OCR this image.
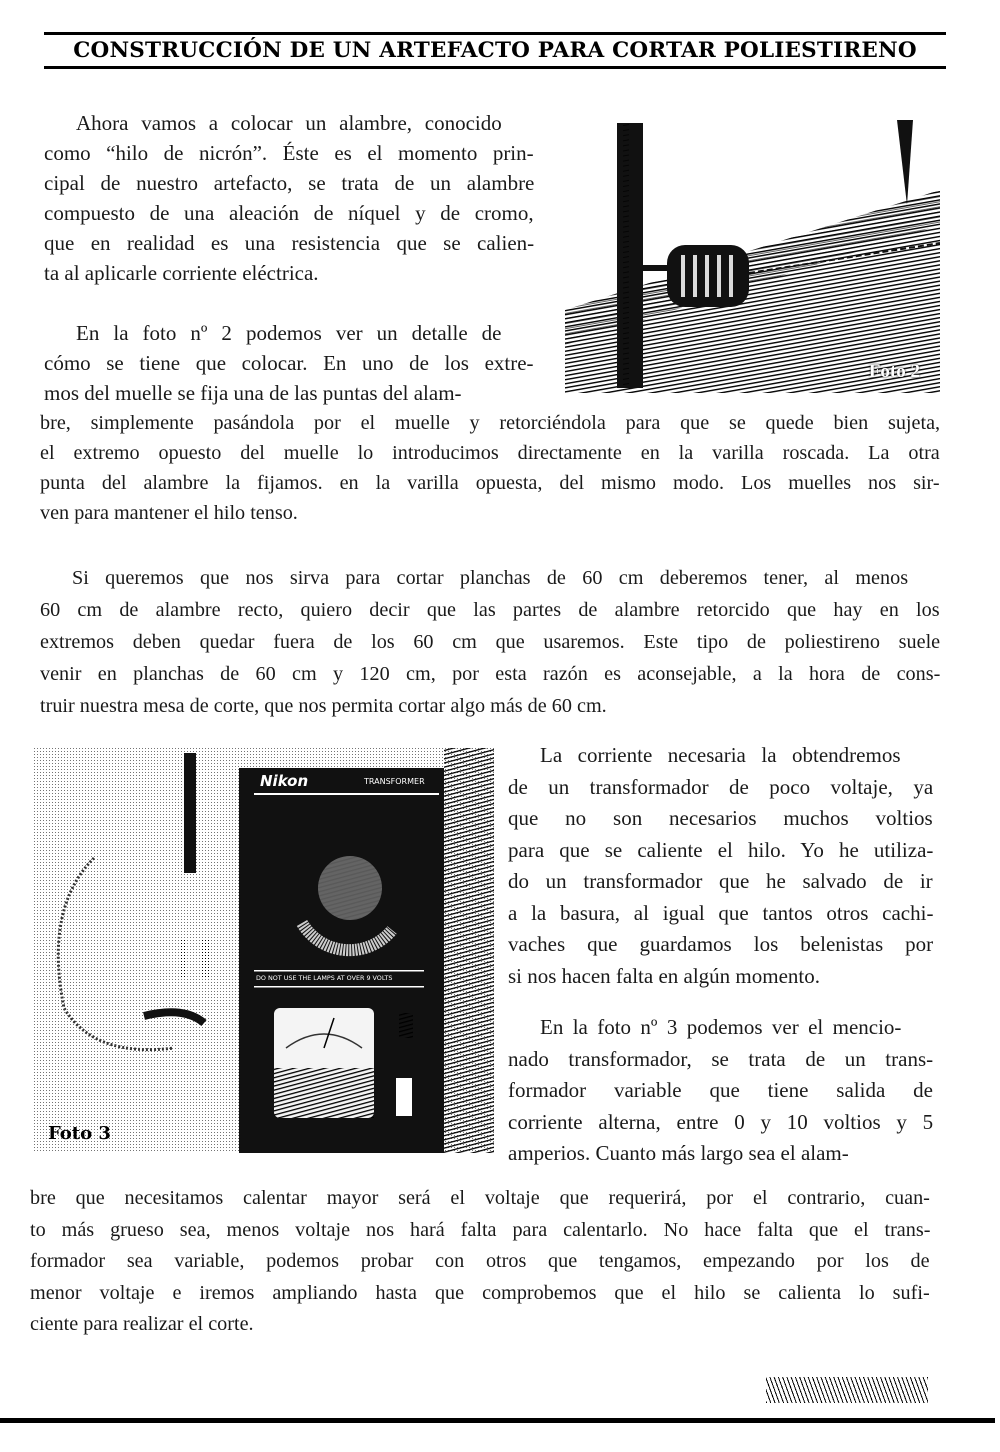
CONSTRUCCIÓN DE UN ARTEFACTO PARA CORTAR POLIESTIRENO
Ahora vamos a colocar un alambre, conocido
como “hilo de nicrón”. Éste es el momento prin-
cipal de nuestro artefacto, se trata de un alambre
compuesto de una aleación de níquel y de cromo,
que en realidad es una resistencia que se calien-
ta al aplicarle corriente eléctrica.
Foto 2
En la foto nº 2 podemos ver un detalle de
cómo se tiene que colocar. En uno de los extre-
mos del muelle se fija una de las puntas del alam-
bre, simplemente pasándola por el muelle y retorciéndola para que se quede bien sujeta,
el extremo opuesto del muelle lo introducimos directamente en la varilla roscada. La otra
punta del alambre la fijamos. en la varilla opuesta, del mismo modo. Los muelles nos sir-
ven para mantener el hilo tenso.
Si queremos que nos sirva para cortar planchas de 60 cm deberemos tener, al menos
60 cm de alambre recto, quiero decir que las partes de alambre retorcido que hay en los
extremos deben quedar fuera de los 60 cm que usaremos. Este tipo de poliestireno suele
venir en planchas de 60 cm y 120 cm, por esta razón es aconsejable, a la hora de cons-
truir nuestra mesa de corte, que nos permita cortar algo más de 60 cm.
Nikon	TRANSFORMER
DO NOT USE THE LAMPS AT OVER 9 VOLTS
Foto 3
La corriente necesaria la obtendremos
de un transformador de poco voltaje, ya
que no son necesarios muchos voltios
para que se caliente el hilo. Yo he utiliza-
do un transformador que he salvado de ir
a la basura, al igual que tantos otros cachi-
vaches que guardamos los belenistas por
si nos hacen falta en algún momento.
En la foto nº 3 podemos ver el mencio-
nado transformador, se trata de un trans-
formador variable que tiene salida de
corriente alterna, entre 0 y 10 voltios y 5
amperios. Cuanto más largo sea el alam-
bre que necesitamos calentar mayor será el voltaje que requerirá, por el contrario, cuan-
to más grueso sea, menos voltaje nos hará falta para calentarlo. No hace falta que el trans-
formador sea variable, podemos probar con otros que tengamos, empezando por los de
menor voltaje e iremos ampliando hasta que comprobemos que el hilo se calienta lo sufi-
ciente para realizar el corte.
